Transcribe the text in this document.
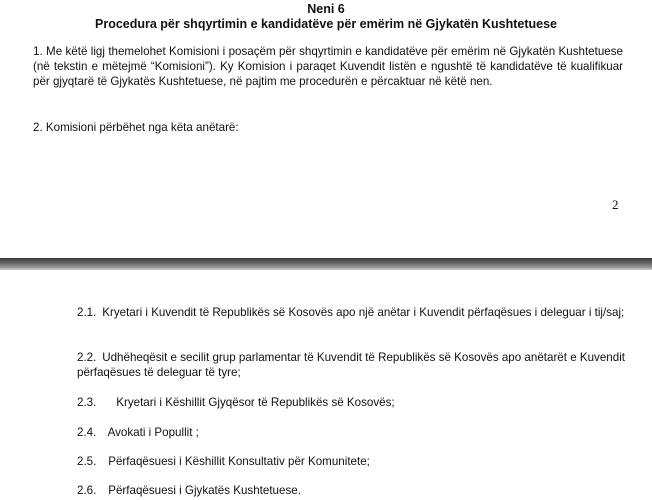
Neni 6
Procedura për shqyrtimin e kandidatëve për emërim në Gjykatën Kushtetuese
1. Me këtë ligj themelohet Komisioni i posaçëm për shqyrtimin e kandidatëve për emërim në Gjykatën Kushtetuese (në tekstin e mëtejmë “Komisioni”). Ky Komision i paraqet Kuvendit listën e ngushtë të kandidatëve të kualifikuar për gjyqtarë të Gjykatës Kushtetuese, në pajtim me procedurën e përcaktuar në këtë nen.
2. Komisioni përbëhet nga këta anëtarë:
2
2.1. Kryetari i Kuvendit të Republikës së Kosovës apo një anëtar i Kuvendit përfaqësues i deleguar i tij/saj;
2.2. Udhëheqësit e secilit grup parlamentar të Kuvendit të Republikës së Kosovës apo anëtarët e Kuvendit përfaqësues të deleguar të tyre;
2.3. Kryetari i Këshillit Gjyqësor të Republikës së Kosovës;
2.4. Avokati i Popullit ;
2.5. Përfaqësuesi i Këshillit Konsultativ për Komunitete;
2.6. Përfaqësuesi i Gjykatës Kushtetuese.
